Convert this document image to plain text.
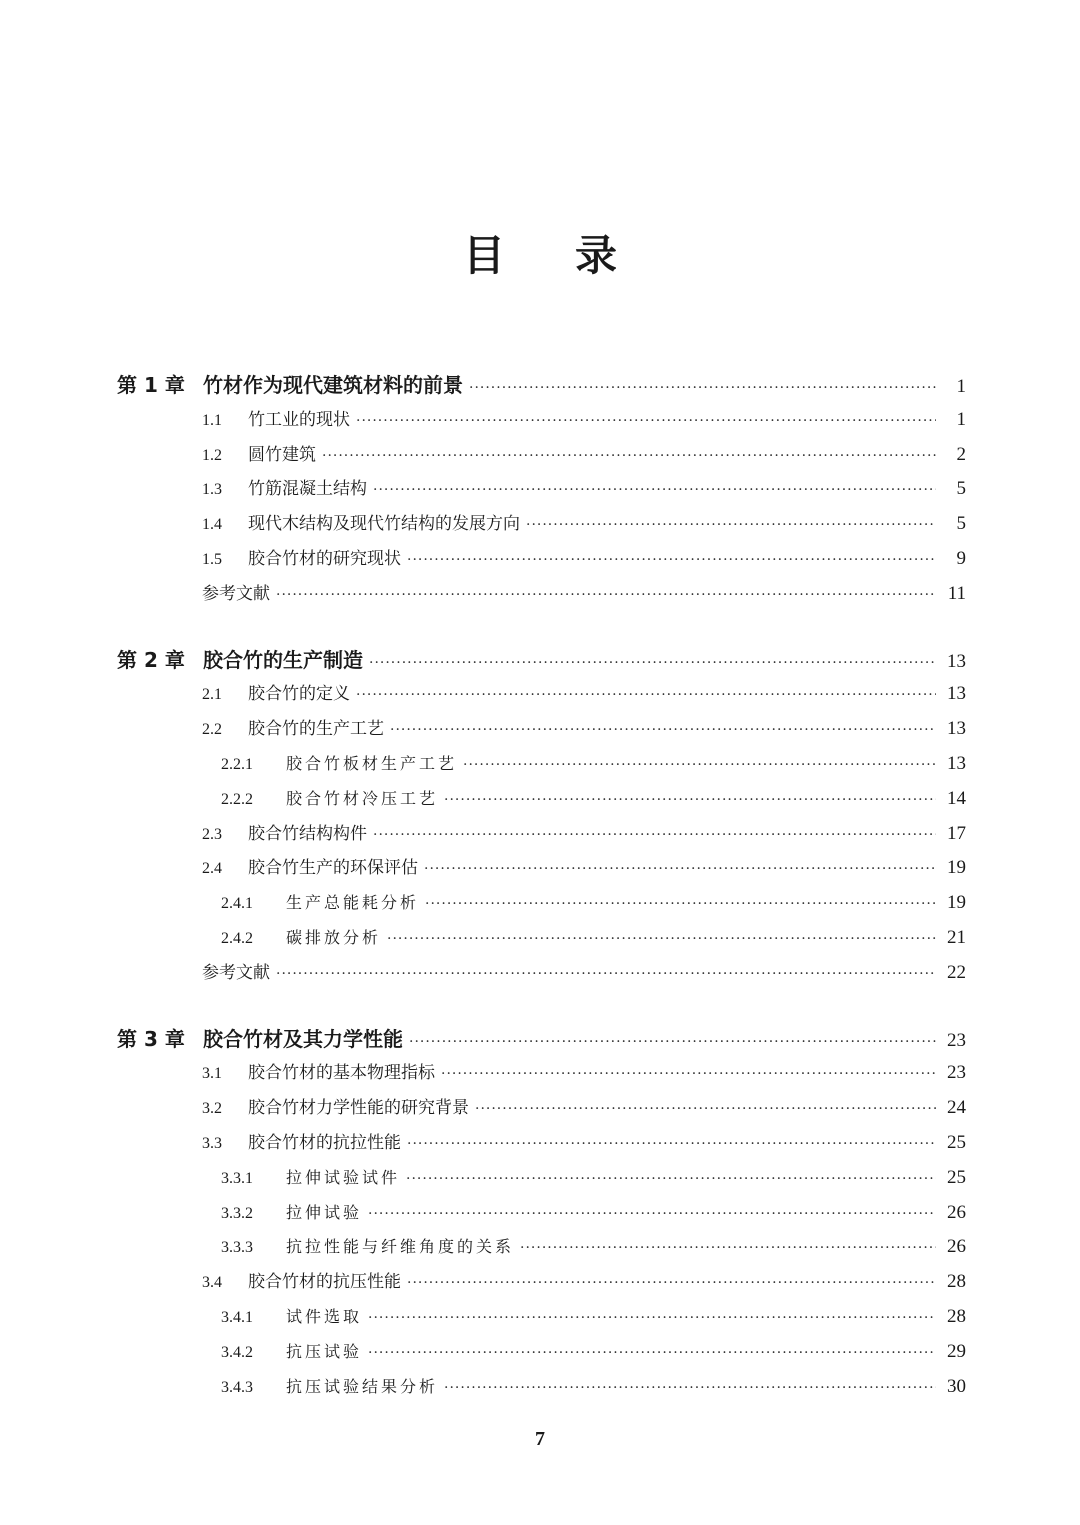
目 录
第 1 章 竹材作为现代建筑材料的前景 ·····	1
1.1 竹工业的现状 ·····	1
1.2 圆竹建筑 ·····	2
1.3 竹筋混凝土结构 ·····	5
1.4 现代木结构及现代竹结构的发展方向 ·····	5
1.5 胶合竹材的研究现状 ·····	9
参考文献 ·····	11
第 2 章 胶合竹的生产制造 ·····	13
2.1 胶合竹的定义 ·····	13
2.2 胶合竹的生产工艺 ·····	13
2.2.1 胶合竹板材生产工艺 ·····	13
2.2.2 胶合竹材冷压工艺 ·····	14
2.3 胶合竹结构构件 ·····	17
2.4 胶合竹生产的环保评估 ·····	19
2.4.1 生产总能耗分析 ·····	19
2.4.2 碳排放分析 ·····	21
参考文献 ·····	22
第 3 章 胶合竹材及其力学性能 ·····	23
3.1 胶合竹材的基本物理指标 ·····	23
3.2 胶合竹材力学性能的研究背景 ·····	24
3.3 胶合竹材的抗拉性能 ·····	25
3.3.1 拉伸试验试件 ·····	25
3.3.2 拉伸试验 ·····	26
3.3.3 抗拉性能与纤维角度的关系 ·····	26
3.4 胶合竹材的抗压性能 ·····	28
3.4.1 试件选取 ·····	28
3.4.2 抗压试验 ·····	29
3.4.3 抗压试验结果分析 ·····	30
7
